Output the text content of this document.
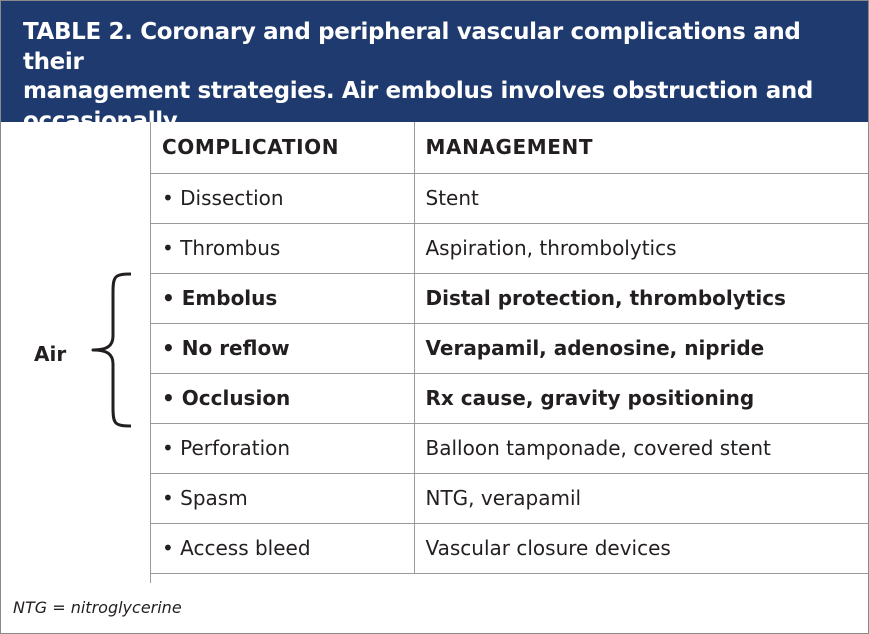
TABLE 2. Coronary and peripheral vascular complications and their
management strategies. Air embolus involves obstruction and occasionally
no reflow.
Air
COMPLICATION	MANAGEMENT
• Dissection	Stent
• Thrombus	Aspiration, thrombolytics
• Embolus	Distal protection, thrombolytics
• No reflow	Verapamil, adenosine, nipride
• Occlusion	Rx cause, gravity positioning
• Perforation	Balloon tamponade, covered stent
• Spasm	NTG, verapamil
• Access bleed	Vascular closure devices
NTG = nitroglycerine
